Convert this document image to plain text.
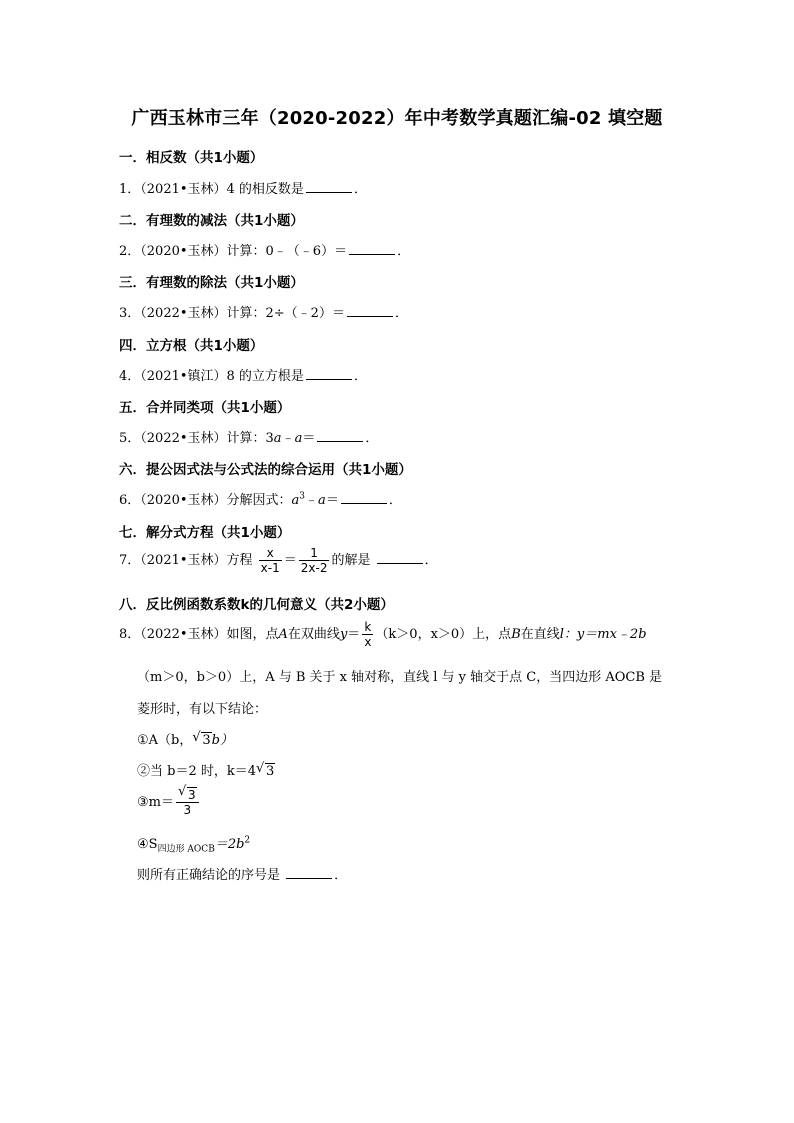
广西玉林市三年（2020-2022）年中考数学真题汇编-02 填空题
一．相反数（共1小题）
1．（2021•玉林）4 的相反数是	．
二．有理数的减法（共1小题）
2．（2020•玉林）计算：0﹣（﹣6）＝	．
三．有理数的除法（共1小题）
3．（2022•玉林）计算：2÷（﹣2）＝	．
四．立方根（共1小题）
4．（2021•镇江）8 的立方根是	．
五．合并同类项（共1小题）
5．（2022•玉林）计算：3a﹣a＝	．
六．提公因式法与公式法的综合运用（共1小题）
6．（2020•玉林）分解因式：$a^3﹣a=$	．
七．解分式方程（共1小题）
7．（2021•玉林）方程 $\frac{x}{x-1} = \frac{1}{2x-2}$ 的解是	．
八．反比例函数系数k的几何意义（共2小题）
8．（2022•玉林）如图，点A在双曲线$y= \frac{k}{x} (k>0$，x＞0）上，点B在直线l：y＝mx﹣2b
（m＞0，b＞0）上，A 与 B 关于 x 轴对称，直线 l 与 y 轴交于点 C，当四边形 AOCB 是
菱形时，有以下结论：
①A（b， √ 3b）
②当 b＝2 时，k＝4 √ 3
③m＝ $\frac{√ 3}{3}$
$④S_{四边形 AOCB}=2b^2$
则所有正确结论的序号是	．
